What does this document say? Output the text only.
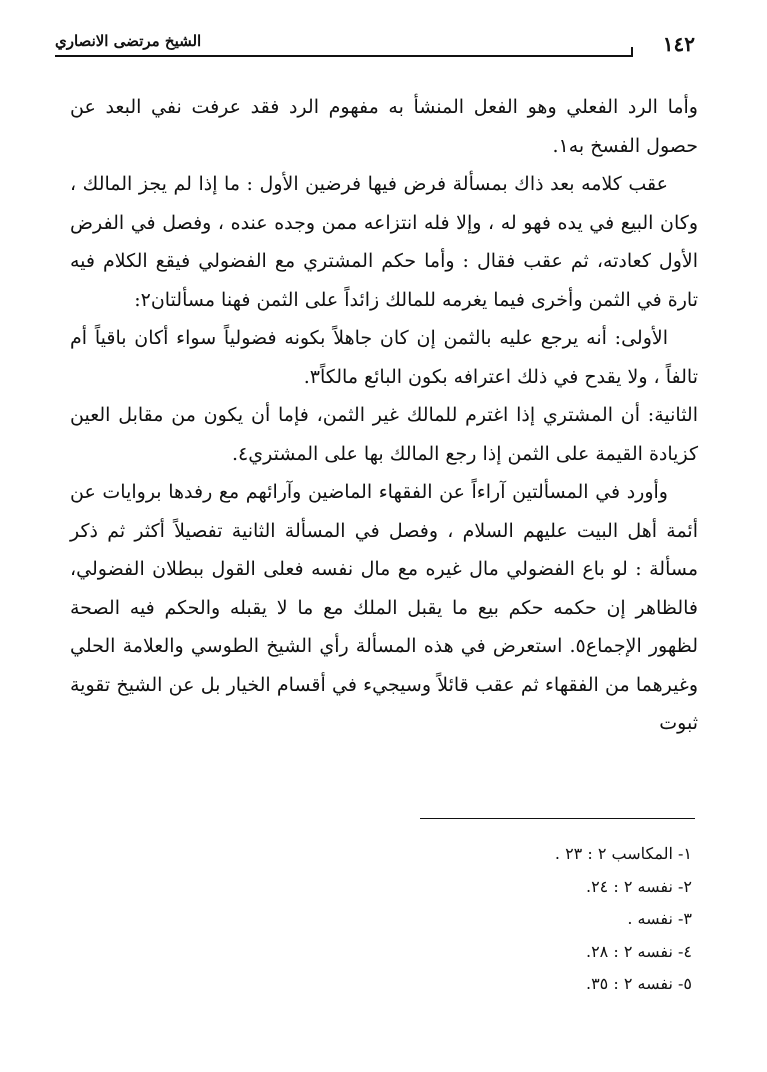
الشيخ مرتضى الانصاري	١٤٢

وأما الرد الفعلي وهو الفعل المنشأ به مفهوم الرد فقد عرفت نفي البعد عن حصول الفسخ به١.

عقب كلامه بعد ذاك بمسألة فرض فيها فرضين الأول : ما إذا لم يجز المالك ، وكان البيع في يده فهو له ، وإلا فله انتزاعه ممن وجده عنده ، وفصل في الفرض الأول كعادته، ثم عقب فقال : وأما حكم المشتري مع الفضولي فيقع الكلام فيه تارة في الثمن وأخرى فيما يغرمه للمالك زائداً على الثمن فهنا مسألتان٢:

الأولى: أنه يرجع عليه بالثمن إن كان جاهلاً بكونه فضولياً سواء أكان باقياً أم تالفاً ، ولا يقدح في ذلك اعترافه بكون البائع مالكاً٣.

الثانية: أن المشتري إذا اغترم للمالك غير الثمن، فإما أن يكون من مقابل العين كزيادة القيمة على الثمن إذا رجع المالك بها على المشتري٤.

وأورد في المسألتين آراءاً عن الفقهاء الماضين وآرائهم مع رفدها بروايات عن أئمة أهل البيت عليهم السلام ، وفصل في المسألة الثانية تفصيلاً أكثر ثم ذكر مسألة : لو باع الفضولي مال غيره مع مال نفسه فعلى القول ببطلان الفضولي، فالظاهر إن حكمه حكم بيع ما يقبل الملك مع ما لا يقبله والحكم فيه الصحة لظهور الإجماع٥. استعرض في هذه المسألة رأي الشيخ الطوسي والعلامة الحلي وغيرهما من الفقهاء ثم عقب قائلاً وسيجيء في أقسام الخيار بل عن الشيخ تقوية ثبوت

١- المكاسب ٢ : ٢٣ .
٢- نفسه ٢ : ٢٤.
٣- نفسه .
٤- نفسه ٢ : ٢٨.
٥- نفسه ٢ : ٣٥.
